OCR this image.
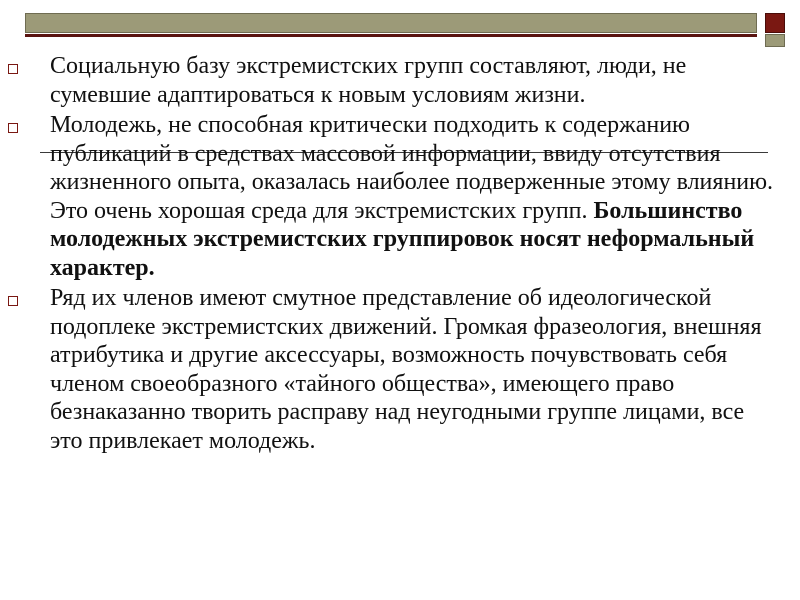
Социальную базу экстремистских групп составляют, люди, не сумевшие адаптироваться к новым условиям жизни.

Молодежь, не способная критически подходить к содержанию публикаций в средствах массовой информации, ввиду отсутствия жизненного опыта, оказалась наиболее подверженные этому влиянию. Это очень хорошая среда для экстремистских групп. Большинство молодежных экстремистских группировок носят неформальный характер.

Ряд их членов имеют смутное представление об идеологической подоплеке экстремистских движений. Громкая фразеология, внешняя атрибутика и другие аксессуары, возможность почувствовать себя членом своеобразного «тайного общества», имеющего право безнаказанно творить расправу над неугодными группе лицами, все это привлекает молодежь.
